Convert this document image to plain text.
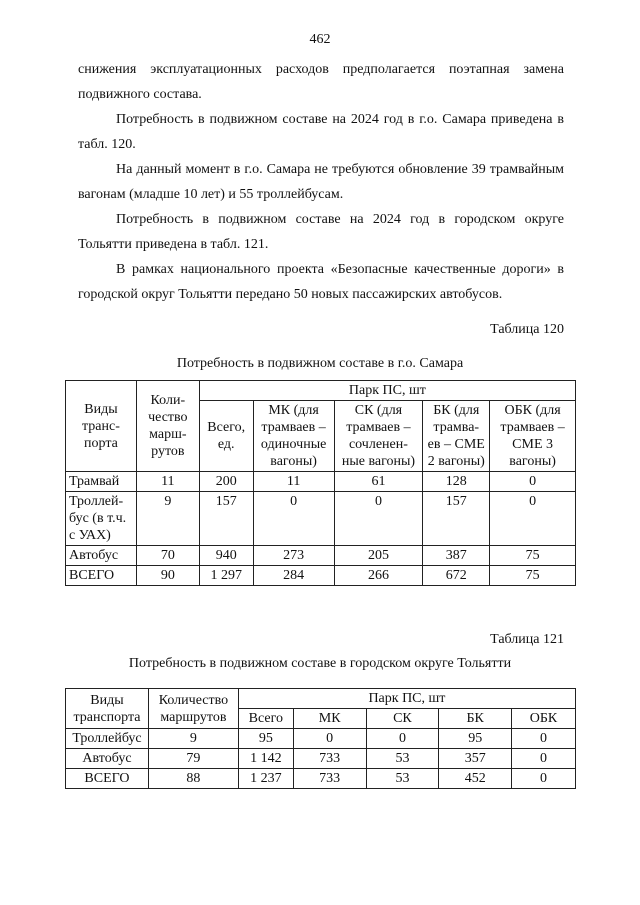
462

снижения эксплуатационных расходов предполагается поэтапная замена подвижного состава.

Потребность в подвижном составе на 2024 год в г.о. Самара приведена в табл. 120.

На данный момент в г.о. Самара не требуются обновление 39 трамвайным вагонам (младше 10 лет) и 55 троллейбусам.

Потребность в подвижном составе на 2024 год в городском округе Тольятти приведена в табл. 121.

В рамках национального проекта «Безопасные качественные дороги» в городской округ Тольятти передано 50 новых пассажирских автобусов.

Таблица 120
Потребность в подвижном составе в г.о. Самара
Виды транс- порта	Коли- чество марш- рутов	Парк ПС, шт				
		Всего, ед.	МК (для трамваев – одиночные вагоны)	СК (для трамваев – сочленен- ные вагоны)	БК (для трамва- ев – СМЕ 2 вагоны)	ОБК (для трамваев – СМЕ 3 вагоны)
Трамвай	11	200	11	61	128	0
Троллей- бус (в т.ч. с УАХ)	9	157	0	0	157	0
Автобус	70	940	273	205	387	75
ВСЕГО	90	1 297	284	266	672	75
Таблица 121
Потребность в подвижном составе в городском округе Тольятти
Виды транспорта	Количество маршрутов	Парк ПС, шт				
		Всего	МК	СК	БК	ОБК
Троллейбус	9	95	0	0	95	0
Автобус	79	1 142	733	53	357	0
ВСЕГО	88	1 237	733	53	452	0
